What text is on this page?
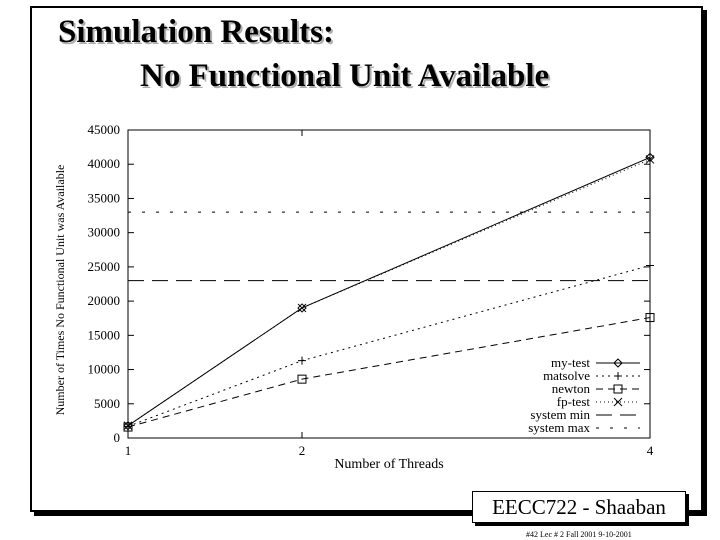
Simulation Results:
No Functional Unit Available
0
5000
10000
15000
20000
25000
30000
35000
40000
45000
1	2	4
my-test
matsolve
newton
fp-test
system min
system max
Number of Threads
Number of Times No Functional Unit was Available
EECC722 - Shaaban
#42 Lec # 2 Fall 2001 9-10-2001
